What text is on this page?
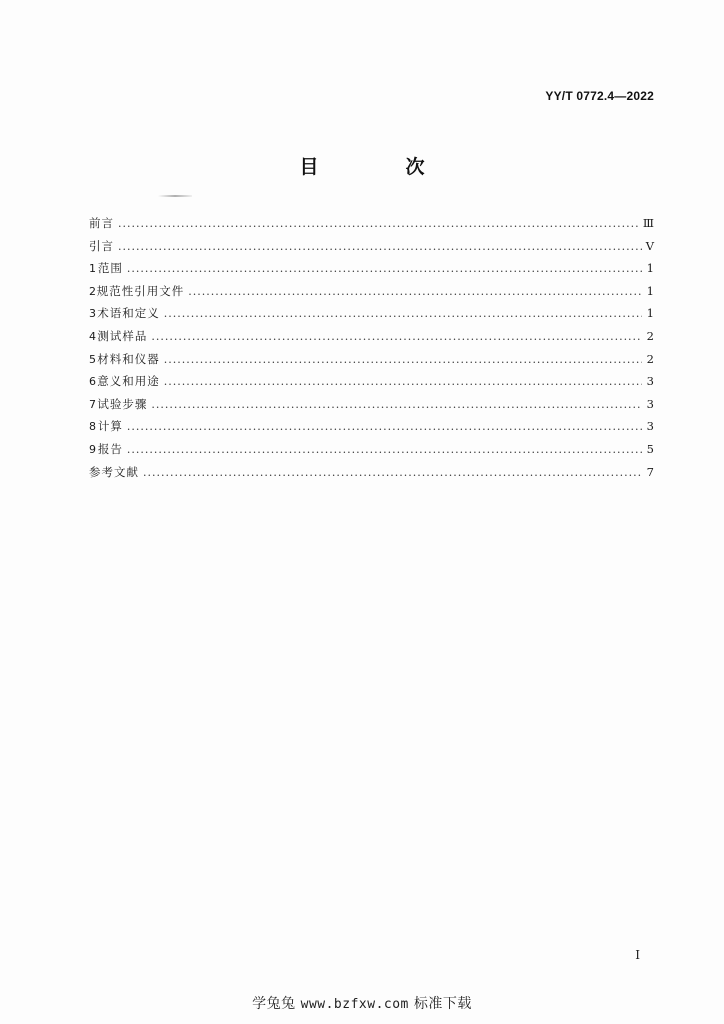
YY/T 0772.4—2022
目　次
前言 .....	Ⅲ
引言 .....	Ⅴ
1 范围 .....	1
2 规范性引用文件 .....	1
3 术语和定义 .....	1
4 测试样品 .....	2
5 材料和仪器 .....	2
6 意义和用途 .....	3
7 试验步骤 .....	3
8 计算 .....	3
9 报告 .....	5
参考文献 .....	7
I
学兔兔 www.bzfxw.com 标准下载
